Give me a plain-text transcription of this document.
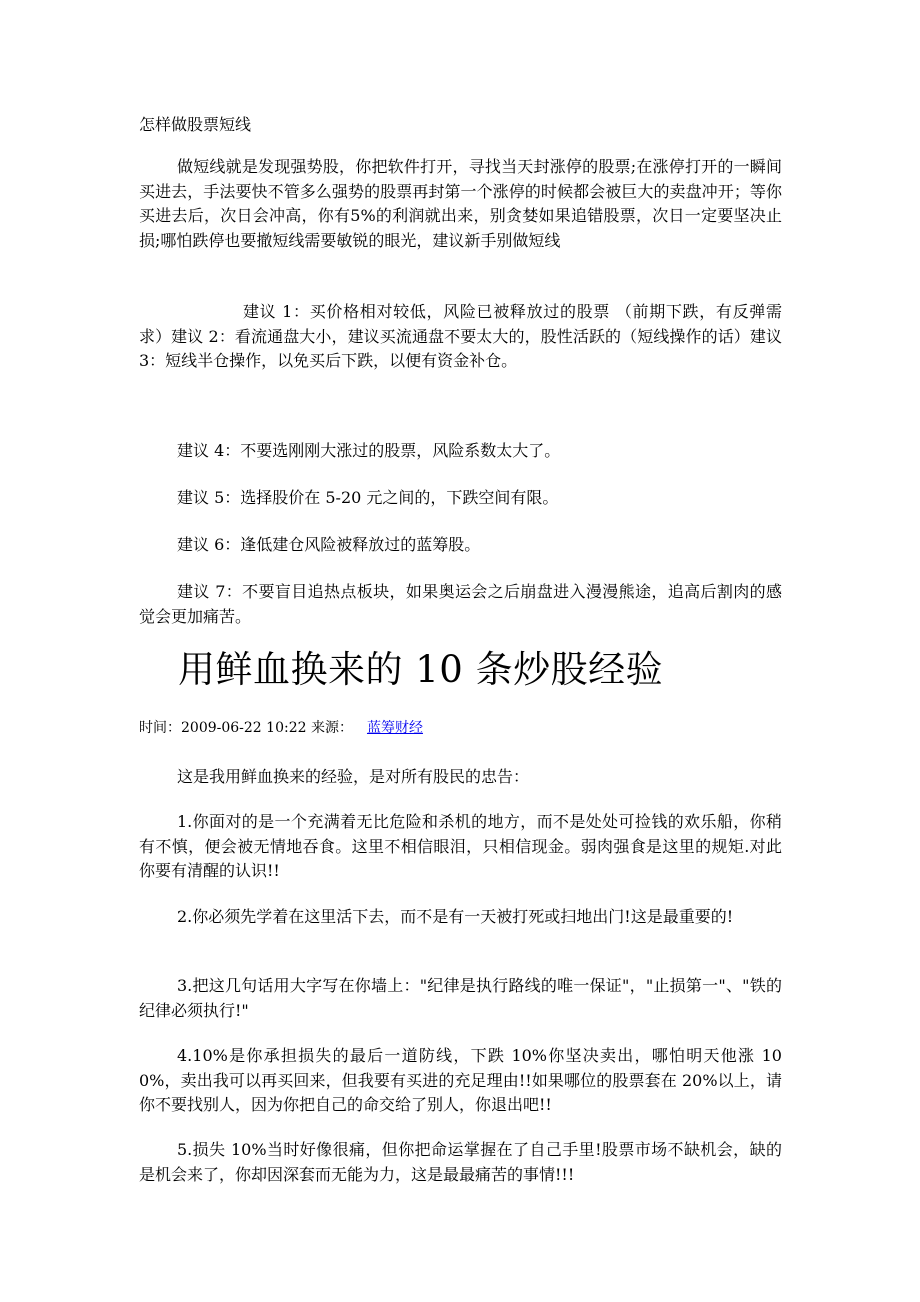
怎样做股票短线
做短线就是发现强势股，你把软件打开，寻找当天封涨停的股票;在涨停打开的一瞬间买进去，手法要快不管多么强势的股票再封第一个涨停的时候都会被巨大的卖盘冲开；等你买进去后，次日会冲高，你有5%的利润就出来，别贪婪如果追错股票，次日一定要坚决止损;哪怕跌停也要撤短线需要敏锐的眼光，建议新手别做短线
建议 1：买价格相对较低，风险已被释放过的股票 （前期下跌，有反弹需求）建议 2：看流通盘大小，建议买流通盘不要太大的，股性活跃的（短线操作的话）建议 3：短线半仓操作，以免买后下跌，以便有资金补仓。
建议 4：不要选刚刚大涨过的股票，风险系数太大了。
建议 5：选择股价在 5-20 元之间的，下跌空间有限。
建议 6：逢低建仓风险被释放过的蓝筹股。
建议 7：不要盲目追热点板块，如果奥运会之后崩盘进入漫漫熊途，追高后割肉的感觉会更加痛苦。
用鲜血换来的 10 条炒股经验
时间：2009-06-22 10:22 来源： 蓝筹财经
这是我用鲜血换来的经验，是对所有股民的忠告：
1.你面对的是一个充满着无比危险和杀机的地方，而不是处处可捡钱的欢乐船，你稍有不慎，便会被无情地吞食。这里不相信眼泪，只相信现金。弱肉强食是这里的规矩.对此你要有清醒的认识!!
2.你必须先学着在这里活下去，而不是有一天被打死或扫地出门!这是最重要的!
3.把这几句话用大字写在你墙上："纪律是执行路线的唯一保证"，"止损第一"、"铁的纪律必须执行!"
4.10%是你承担损失的最后一道防线，下跌 10%你坚决卖出，哪怕明天他涨 100%，卖出我可以再买回来，但我要有买进的充足理由!!如果哪位的股票套在 20%以上，请你不要找别人，因为你把自己的命交给了别人，你退出吧!!
5.损失 10%当时好像很痛，但你把命运掌握在了自己手里!股票市场不缺机会，缺的是机会来了，你却因深套而无能为力，这是最最痛苦的事情!!!
